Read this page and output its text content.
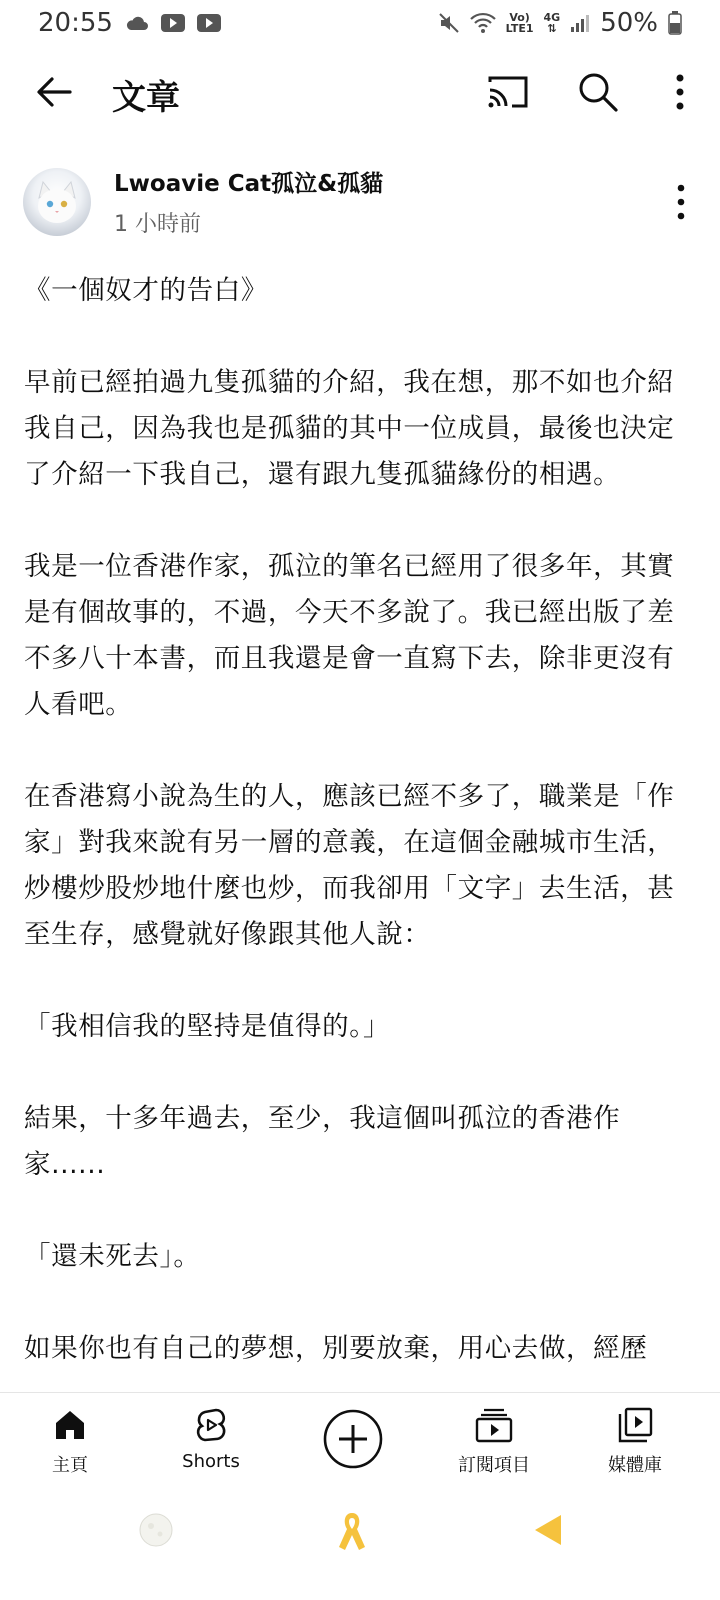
20:55	Vo)
LTE1
4G
⇅ 50%
文章
Lwoavie Cat孤泣&孤貓
1 小時前

《一個奴才的告白》

早前已經拍過九隻孤貓的介紹，我在想，那不如也介紹我自己，因為我也是孤貓的其中一位成員，最後也決定了介紹一下我自己，還有跟九隻孤貓緣份的相遇。

我是一位香港作家，孤泣的筆名已經用了很多年，其實是有個故事的，不過，今天不多說了。我已經出版了差不多八十本書，而且我還是會一直寫下去，除非更沒有人看吧。

在香港寫小說為生的人，應該已經不多了，職業是「作家」對我來說有另一層的意義，在這個金融城市生活，炒樓炒股炒地什麼也炒，而我卻用「文字」去生活，甚至生存，感覺就好像跟其他人說：

「我相信我的堅持是值得的。」

結果，十多年過去，至少，我這個叫孤泣的香港作家......

「還未死去」。

如果你也有自己的夢想，別要放棄，用心去做，經歷

主頁	Shorts	訂閱項目	媒體庫
